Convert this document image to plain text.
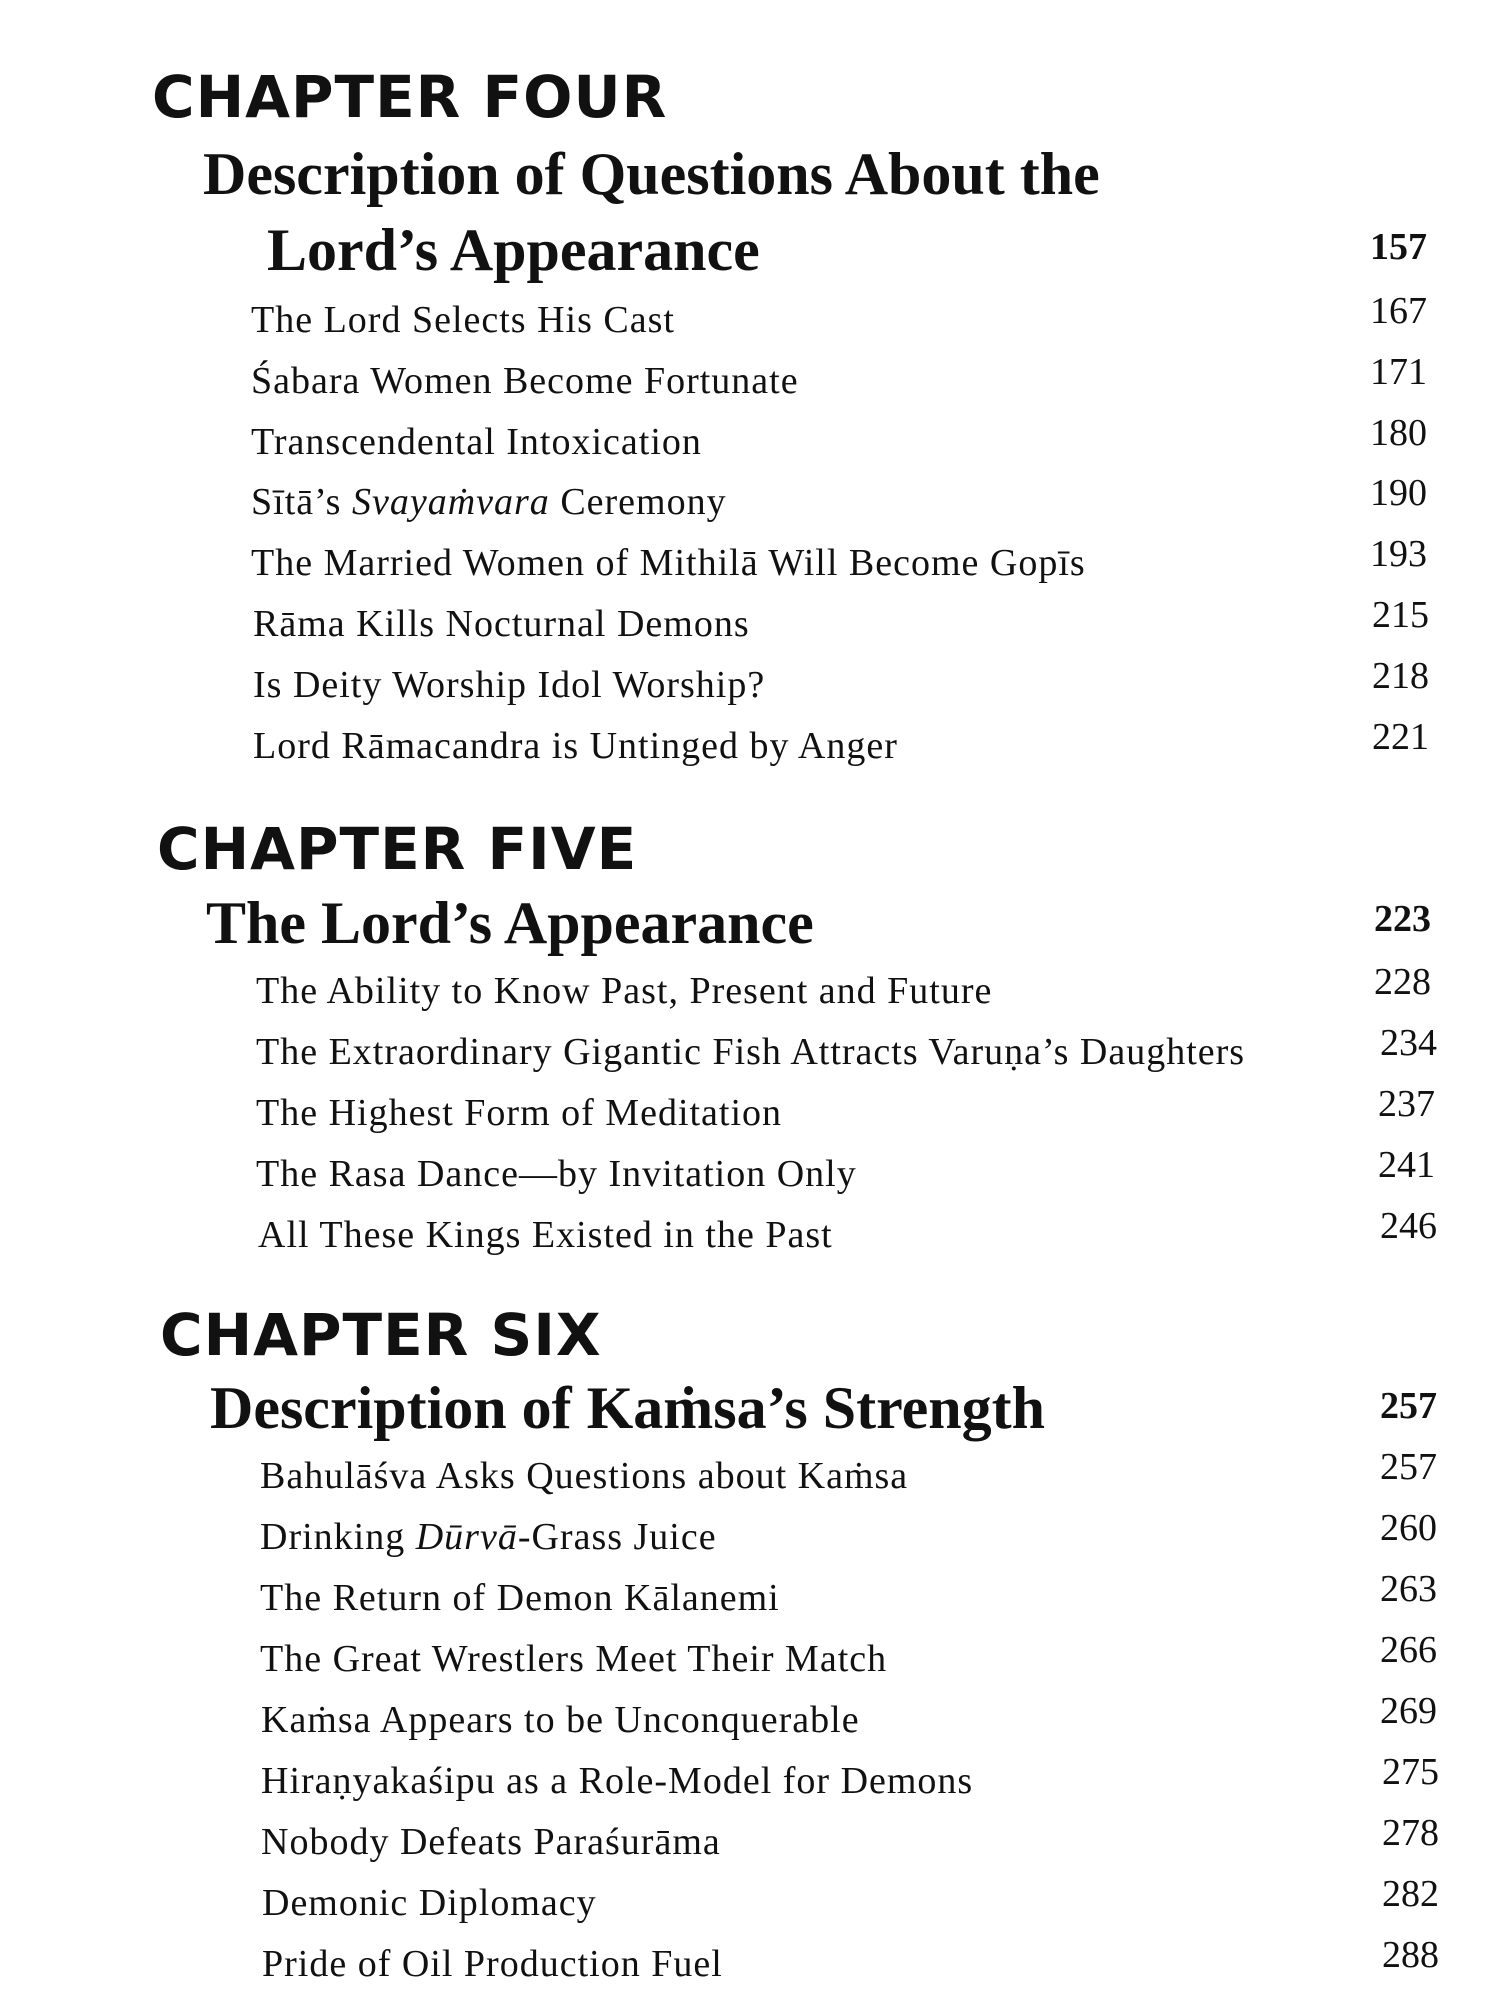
CHAPTER FOUR
Description of Questions About the
Lord’s Appearance	157
The Lord Selects His Cast	167
Śabara Women Become Fortunate	171
Transcendental Intoxication	180
Sītā’s Svayaṁvara Ceremony	190
The Married Women of Mithilā Will Become Gopīs	193
Rāma Kills Nocturnal Demons	215
Is Deity Worship Idol Worship?	218
Lord Rāmacandra is Untinged by Anger	221
CHAPTER FIVE
The Lord’s Appearance	223
The Ability to Know Past, Present and Future	228
The Extraordinary Gigantic Fish Attracts Varuṇa’s Daughters	234
The Highest Form of Meditation	237
The Rasa Dance—by Invitation Only	241
All These Kings Existed in the Past	246
CHAPTER SIX
Description of Kaṁsa’s Strength	257
Bahulāśva Asks Questions about Kaṁsa	257
Drinking Dūrvā-Grass Juice	260
The Return of Demon Kālanemi	263
The Great Wrestlers Meet Their Match	266
Kaṁsa Appears to be Unconquerable	269
Hiraṇyakaśipu as a Role-Model for Demons	275
Nobody Defeats Paraśurāma	278
Demonic Diplomacy	282
Pride of Oil Production Fuel	288
